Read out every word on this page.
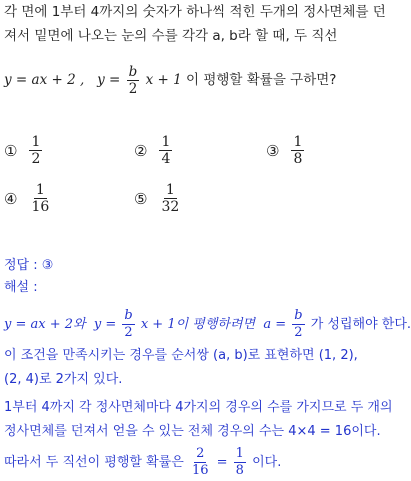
각 면에 1부터 4까지의 숫자가 하나씩 적힌 두개의 정사면체를 던
져서 밑면에 나오는 눈의 수를 각각 a, b라 할 때, 두 직선
y = ax + 2 , $y = \frac{b}{2}$ x + 1 이 평행할 확률을 구하면?
① $\frac{1}{2}$	② $\frac{1}{4}$	③ $\frac{1}{8}$
④ $\frac{1}{16}$	⑤ $\frac{1}{32}$
정답 : ③
해설 :
y = ax + 2와 $y = \frac{b}{2}$ x + 1이 평행하려면 $a = \frac{b}{2}$ 가 성립해야 한다.
이 조건을 만족시키는 경우를 순서쌍 (a, b)로 표현하면 (1, 2),
(2, 4)로 2가지 있다.
1부터 4까지 각 정사면체마다 4가지의 경우의 수를 가지므로 두 개의
정사면체를 던져서 얻을 수 있는 전체 경우의 수는 4×4 = 16이다.
따라서 두 직선이 평행할 확률은 $\frac{2}{16} = \frac{1}{8}$ 이다.
